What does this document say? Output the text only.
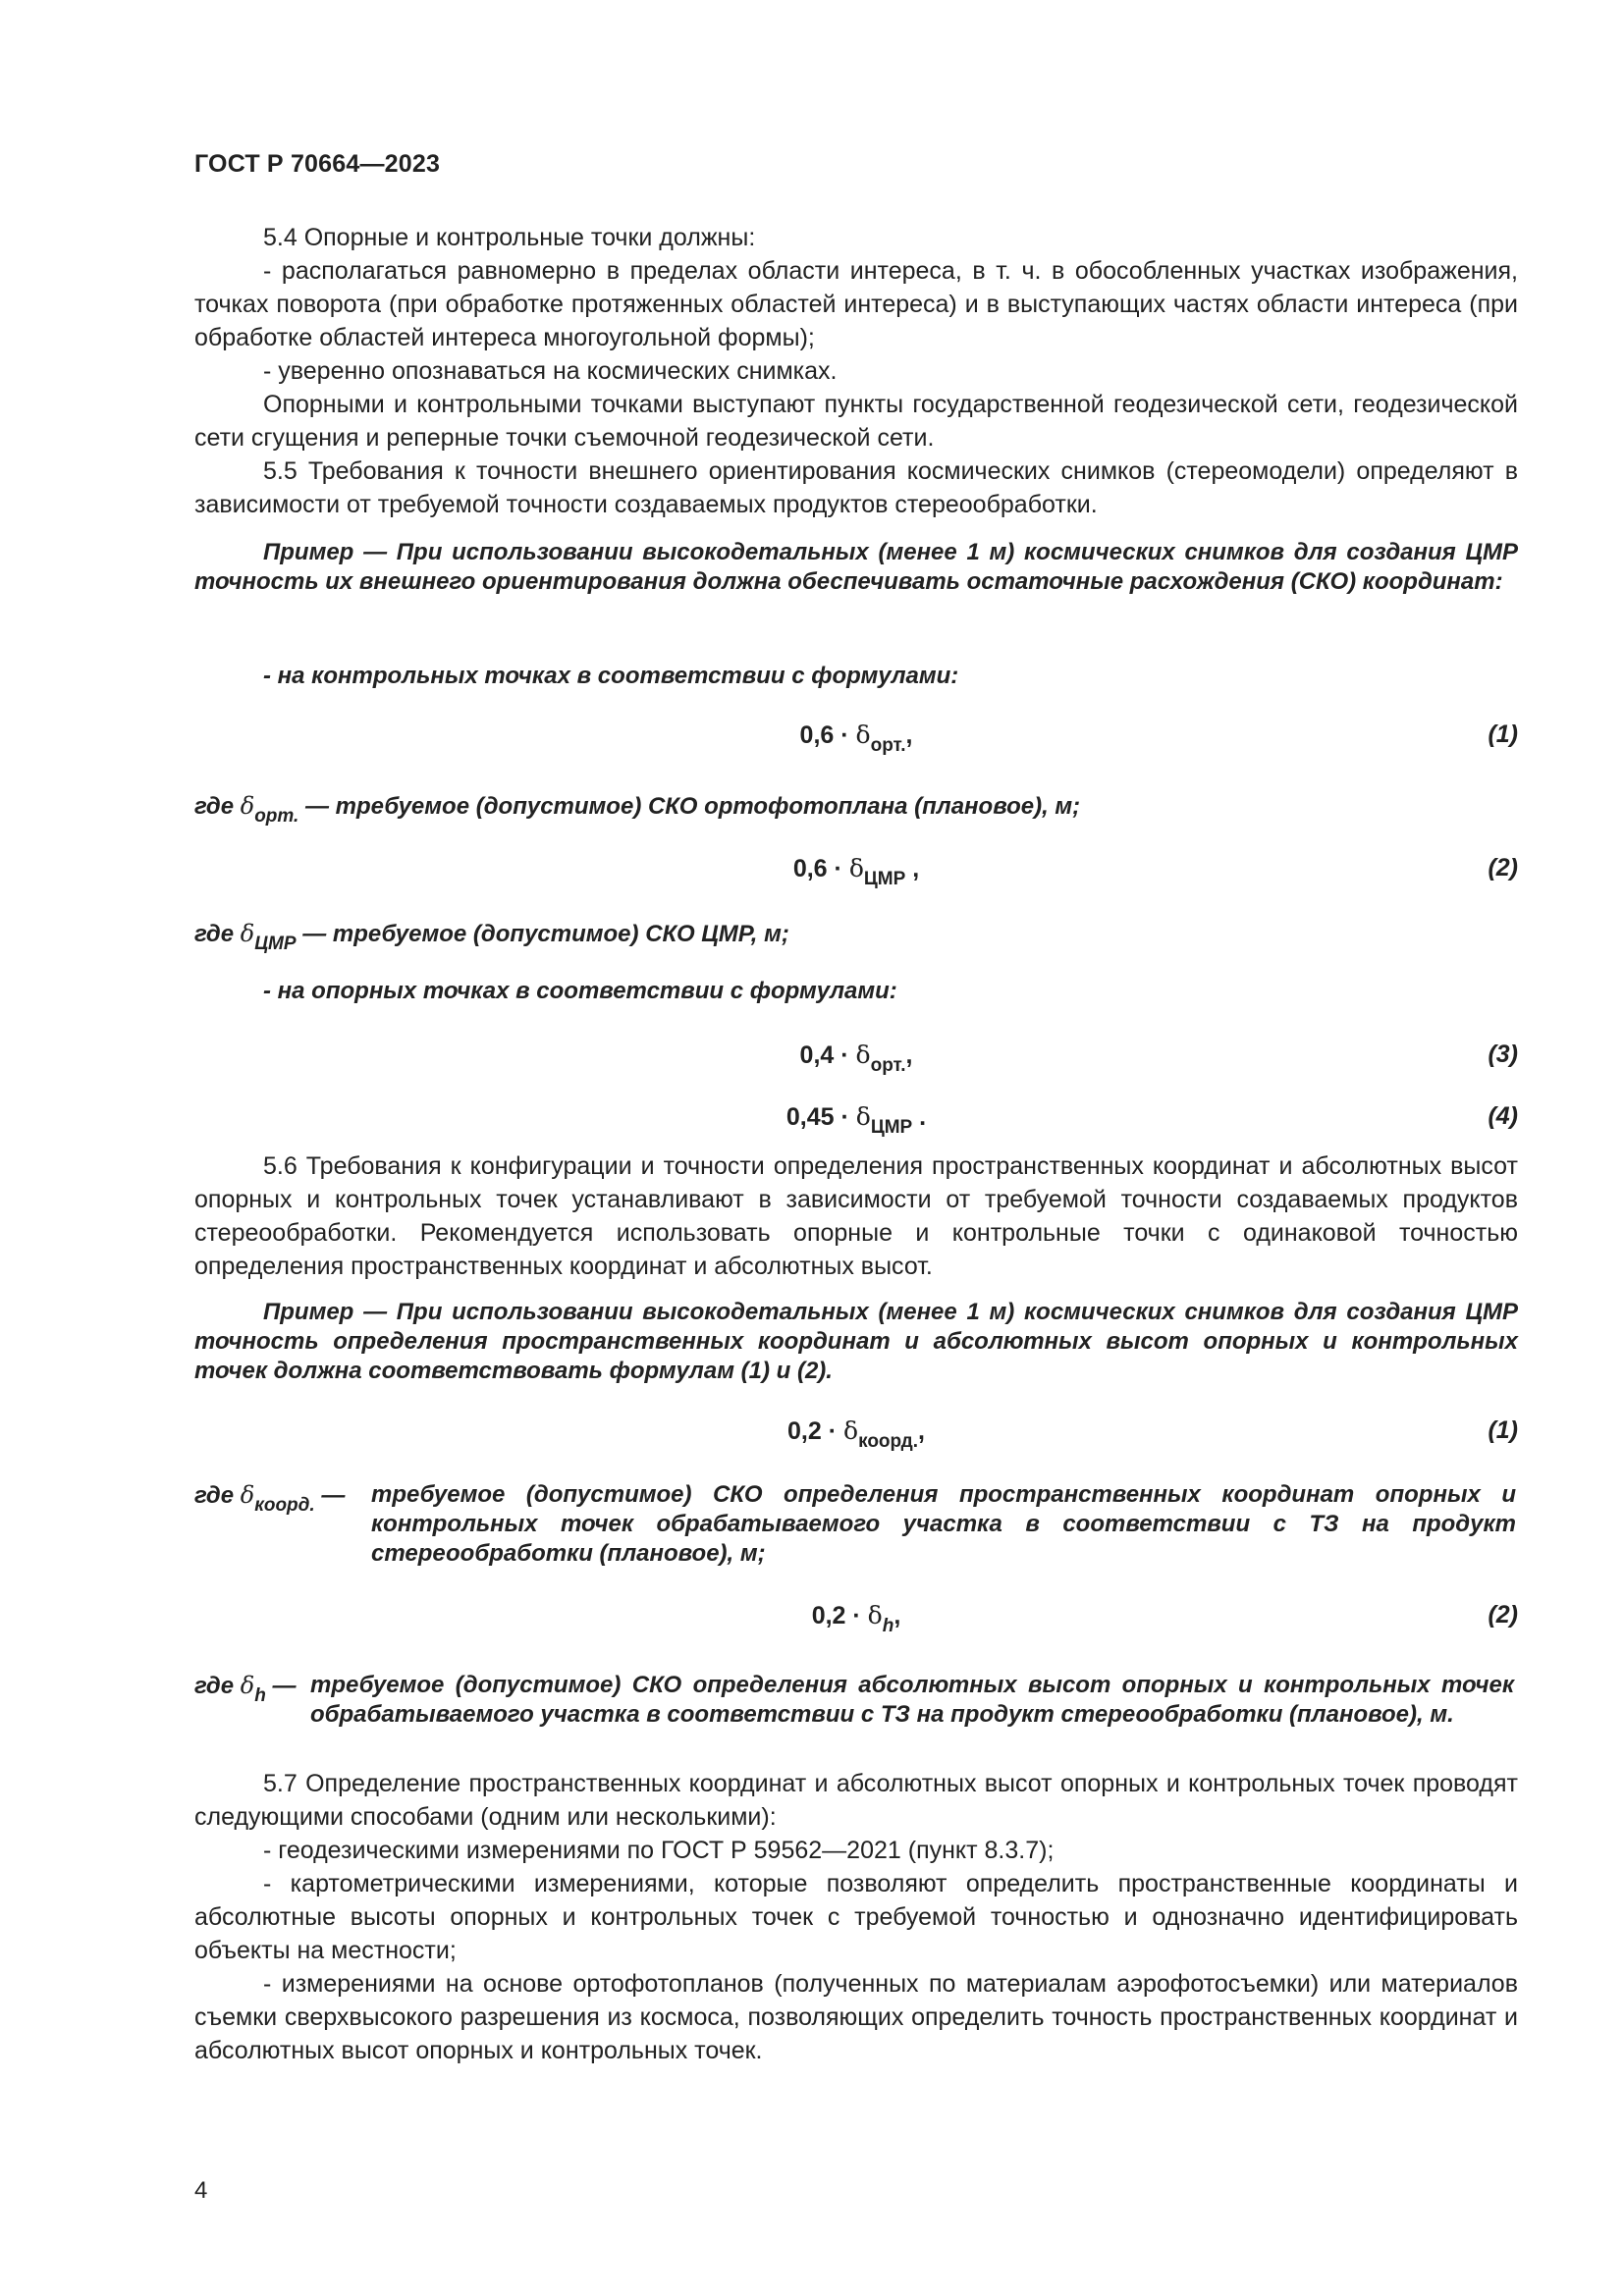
ГОСТ Р 70664—2023

5.4 Опорные и контрольные точки должны:

- располагаться равномерно в пределах области интереса, в т. ч. в обособленных участках изображения, точках поворота (при обработке протяженных областей интереса) и в выступающих частях области интереса (при обработке областей интереса многоугольной формы);

- уверенно опознаваться на космических снимках.

Опорными и контрольными точками выступают пункты государственной геодезической сети, геодезической сети сгущения и реперные точки съемочной геодезической сети.

5.5 Требования к точности внешнего ориентирования космических снимков (стереомодели) определяют в зависимости от требуемой точности создаваемых продуктов стереообработки.

Пример — При использовании высокодетальных (менее 1 м) космических снимков для создания ЦМР точность их внешнего ориентирования должна обеспечивать остаточные расхождения (СКО) координат:

- на контрольных точках в соответствии с формулами:

$0,6 \cdot \delta_{орт.}$,	(1)
где $\delta_{орт.}$ — требуемое (допустимое) СКО ортофотоплана (плановое), м;
$0,6 \cdot \delta_{ЦМР}$ ,	(2)
где $\delta_{ЦМР}$ — требуемое (допустимое) СКО ЦМР, м;

- на опорных точках в соответствии с формулами:

$0,4 \cdot \delta_{орт.}$,	(3)
$0,45 \cdot \delta_{ЦМР}$ .	(4)

5.6 Требования к конфигурации и точности определения пространственных координат и абсолютных высот опорных и контрольных точек устанавливают в зависимости от требуемой точности создаваемых продуктов стереообработки. Рекомендуется использовать опорные и контрольные точки с одинаковой точностью определения пространственных координат и абсолютных высот.

Пример — При использовании высокодетальных (менее 1 м) космических снимков для создания ЦМР точность определения пространственных координат и абсолютных высот опорных и контрольных точек должна соответствовать формулам (1) и (2).

$0,2 \cdot \delta_{коорд.}$,	(1)
где $\delta_{коорд.}$ — требуемое (допустимое) СКО определения пространственных координат опорных и контрольных точек обрабатываемого участка в соответствии с ТЗ на продукт стереообработки (плановое), м;
$0,2 \cdot \delta_h$,	(2)
где $\delta_h$ — требуемое (допустимое) СКО определения абсолютных высот опорных и контрольных точек обрабатываемого участка в соответствии с ТЗ на продукт стереообработки (плановое), м.

5.7 Определение пространственных координат и абсолютных высот опорных и контрольных точек проводят следующими способами (одним или несколькими):

- геодезическими измерениями по ГОСТ Р 59562—2021 (пункт 8.3.7);

- картометрическими измерениями, которые позволяют определить пространственные координаты и абсолютные высоты опорных и контрольных точек с требуемой точностью и однозначно идентифицировать объекты на местности;

- измерениями на основе ортофотопланов (полученных по материалам аэрофотосъемки) или материалов съемки сверхвысокого разрешения из космоса, позволяющих определить точность пространственных координат и абсолютных высот опорных и контрольных точек.

4
